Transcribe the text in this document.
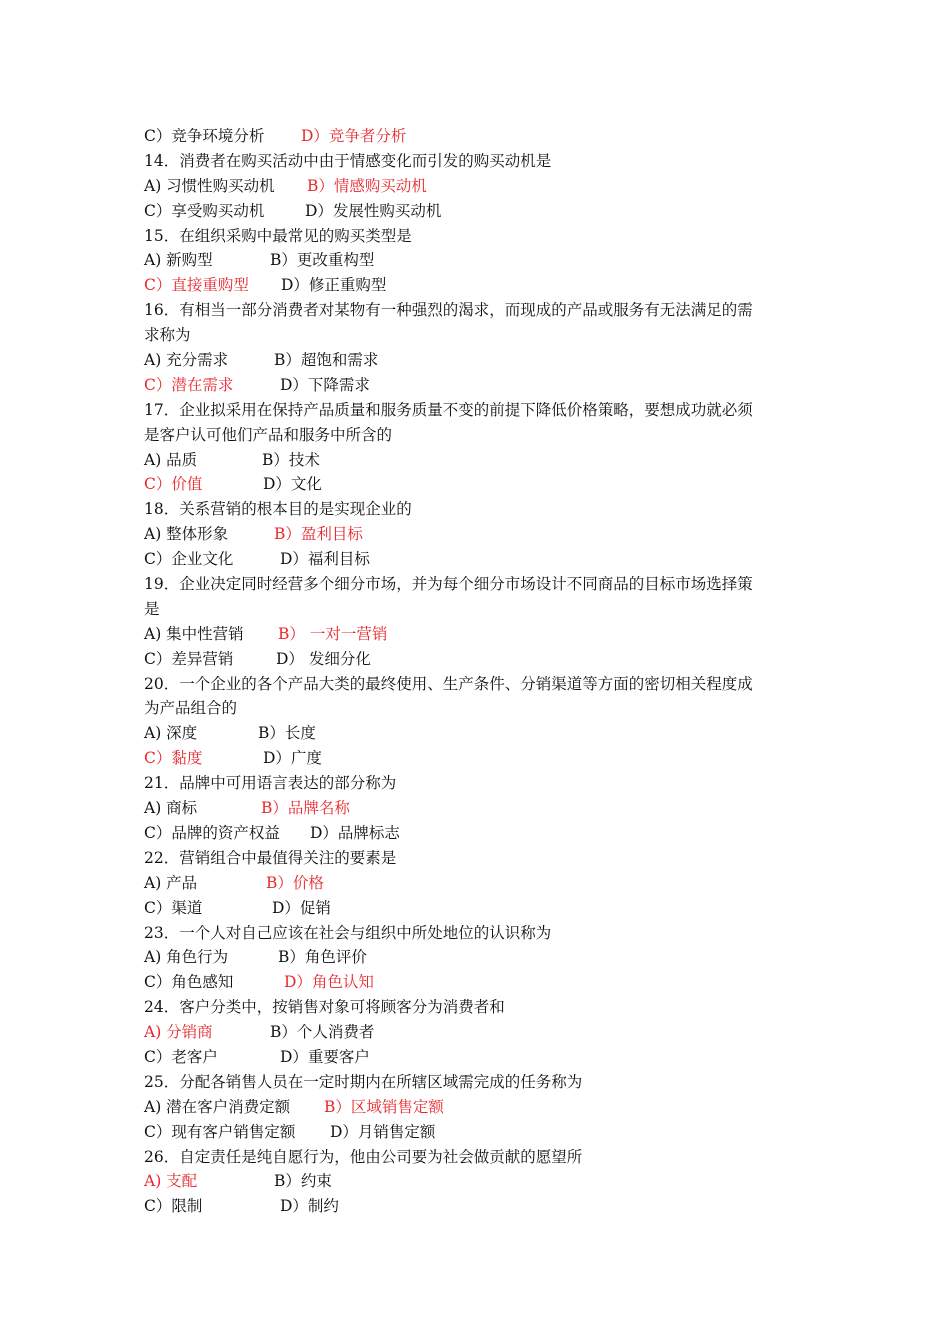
C）竞争环境分析 D）竞争者分析
14．消费者在购买活动中由于情感变化而引发的购买动机是
A) 习惯性购买动机 B）情感购买动机
C）享受购买动机	D）发展性购买动机
15．在组织采购中最常见的购买类型是
A) 新购型	B）更改重构型
C）直接重购型 D）修正重购型
16．有相当一部分消费者对某物有一种强烈的渴求，而现成的产品或服务有无法满足的需
求称为
A) 充分需求	B）超饱和需求
C）潜在需求	D）下降需求
17．企业拟采用在保持产品质量和服务质量不变的前提下降低价格策略，要想成功就必须
是客户认可他们产品和服务中所含的
A) 品质	B）技术
C）价值	D）文化
18．关系营销的根本目的是实现企业的
A) 整体形象	B）盈利目标
C）企业文化	D）福利目标
19．企业决定同时经营多个细分市场，并为每个细分市场设计不同商品的目标市场选择策
是
A) 集中性营销 B） 一对一营销
C）差异营销	D） 发细分化
20．一个企业的各个产品大类的最终使用、生产条件、分销渠道等方面的密切相关程度成
为产品组合的
A) 深度	B）长度
C）黏度	D）广度
21．品牌中可用语言表达的部分称为
A) 商标	B）品牌名称
C）品牌的资产权益 D）品牌标志
22．营销组合中最值得关注的要素是
A) 产品	B）价格
C）渠道	D）促销
23．一个人对自己应该在社会与组织中所处地位的认识称为
A) 角色行为	B）角色评价
C）角色感知	D）角色认知
24．客户分类中，按销售对象可将顾客分为消费者和
A) 分销商	B）个人消费者
C）老客户	D）重要客户
25．分配各销售人员在一定时期内在所辖区域需完成的任务称为
A) 潜在客户消费定额 B）区域销售定额
C）现有客户销售定额 D）月销售定额
26．自定责任是纯自愿行为，他由公司要为社会做贡献的愿望所
A) 支配	B）约束
C）限制	D）制约
